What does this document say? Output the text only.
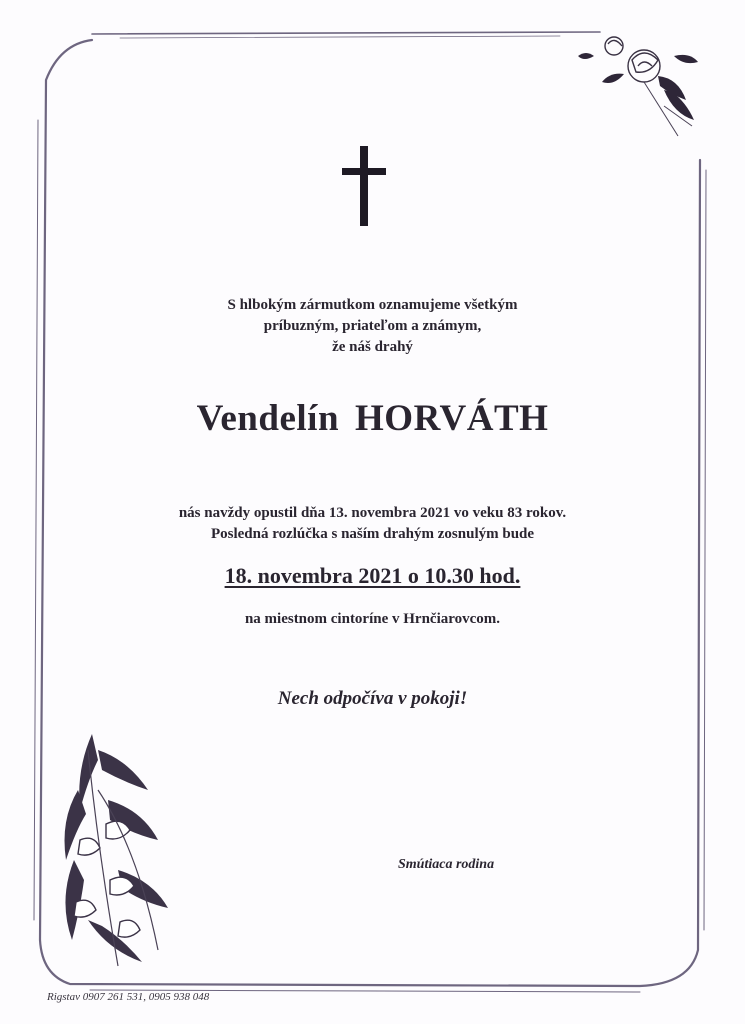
S hlbokým zármutkom oznamujeme všetkým
príbuzným, priateľom a známym,
že náš drahý
Vendelín HORVÁTH
nás navždy opustil dňa 13. novembra 2021 vo veku 83 rokov.
Posledná rozlúčka s naším drahým zosnulým bude
18. novembra 2021 o 10.30 hod.
na miestnom cintoríne v Hrnčiarovcom.
Nech odpočíva v pokoji!
Smútiaca rodina
Rigstav 0907 261 531, 0905 938 048
